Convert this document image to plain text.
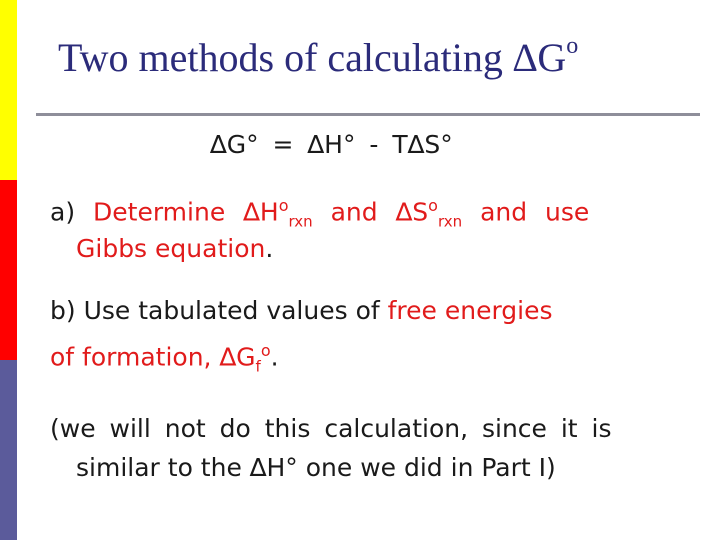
Two methods of calculating $\Delta G^o$
∆G° = ∆H° - T∆S°
a) Determine $\Delta H^o_{rxn}$ and $\Delta S^o_{rxn}$ and use
Gibbs equation.
b) Use tabulated values of free energies
of formation, $\Delta G_f^o$.
(we will not do this calculation, since it is
similar to the ∆H° one we did in Part I)
